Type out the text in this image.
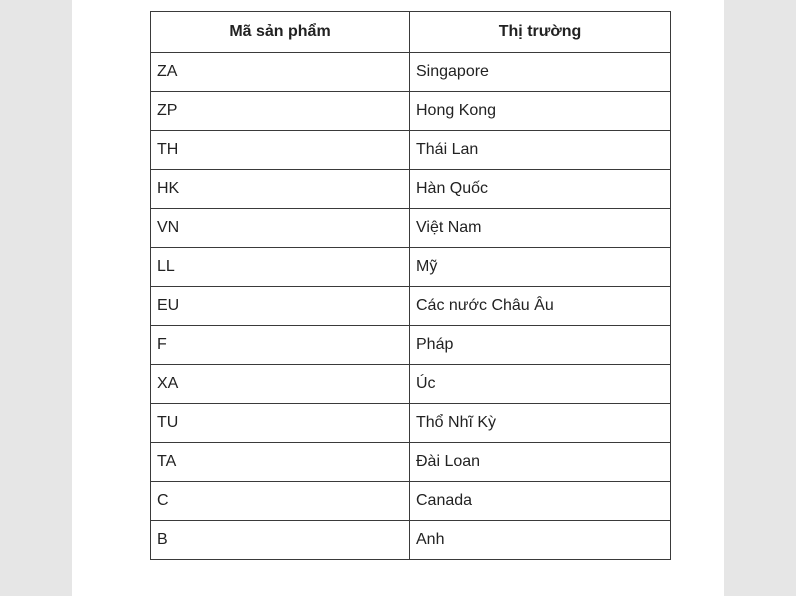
Mã sản phẩm	Thị trường
ZA	Singapore
ZP	Hong Kong
TH	Thái Lan
HK	Hàn Quốc
VN	Việt Nam
LL	Mỹ
EU	Các nước Châu Âu
F	Pháp
XA	Úc
TU	Thổ Nhĩ Kỳ
TA	Đài Loan
C	Canada
B	Anh
